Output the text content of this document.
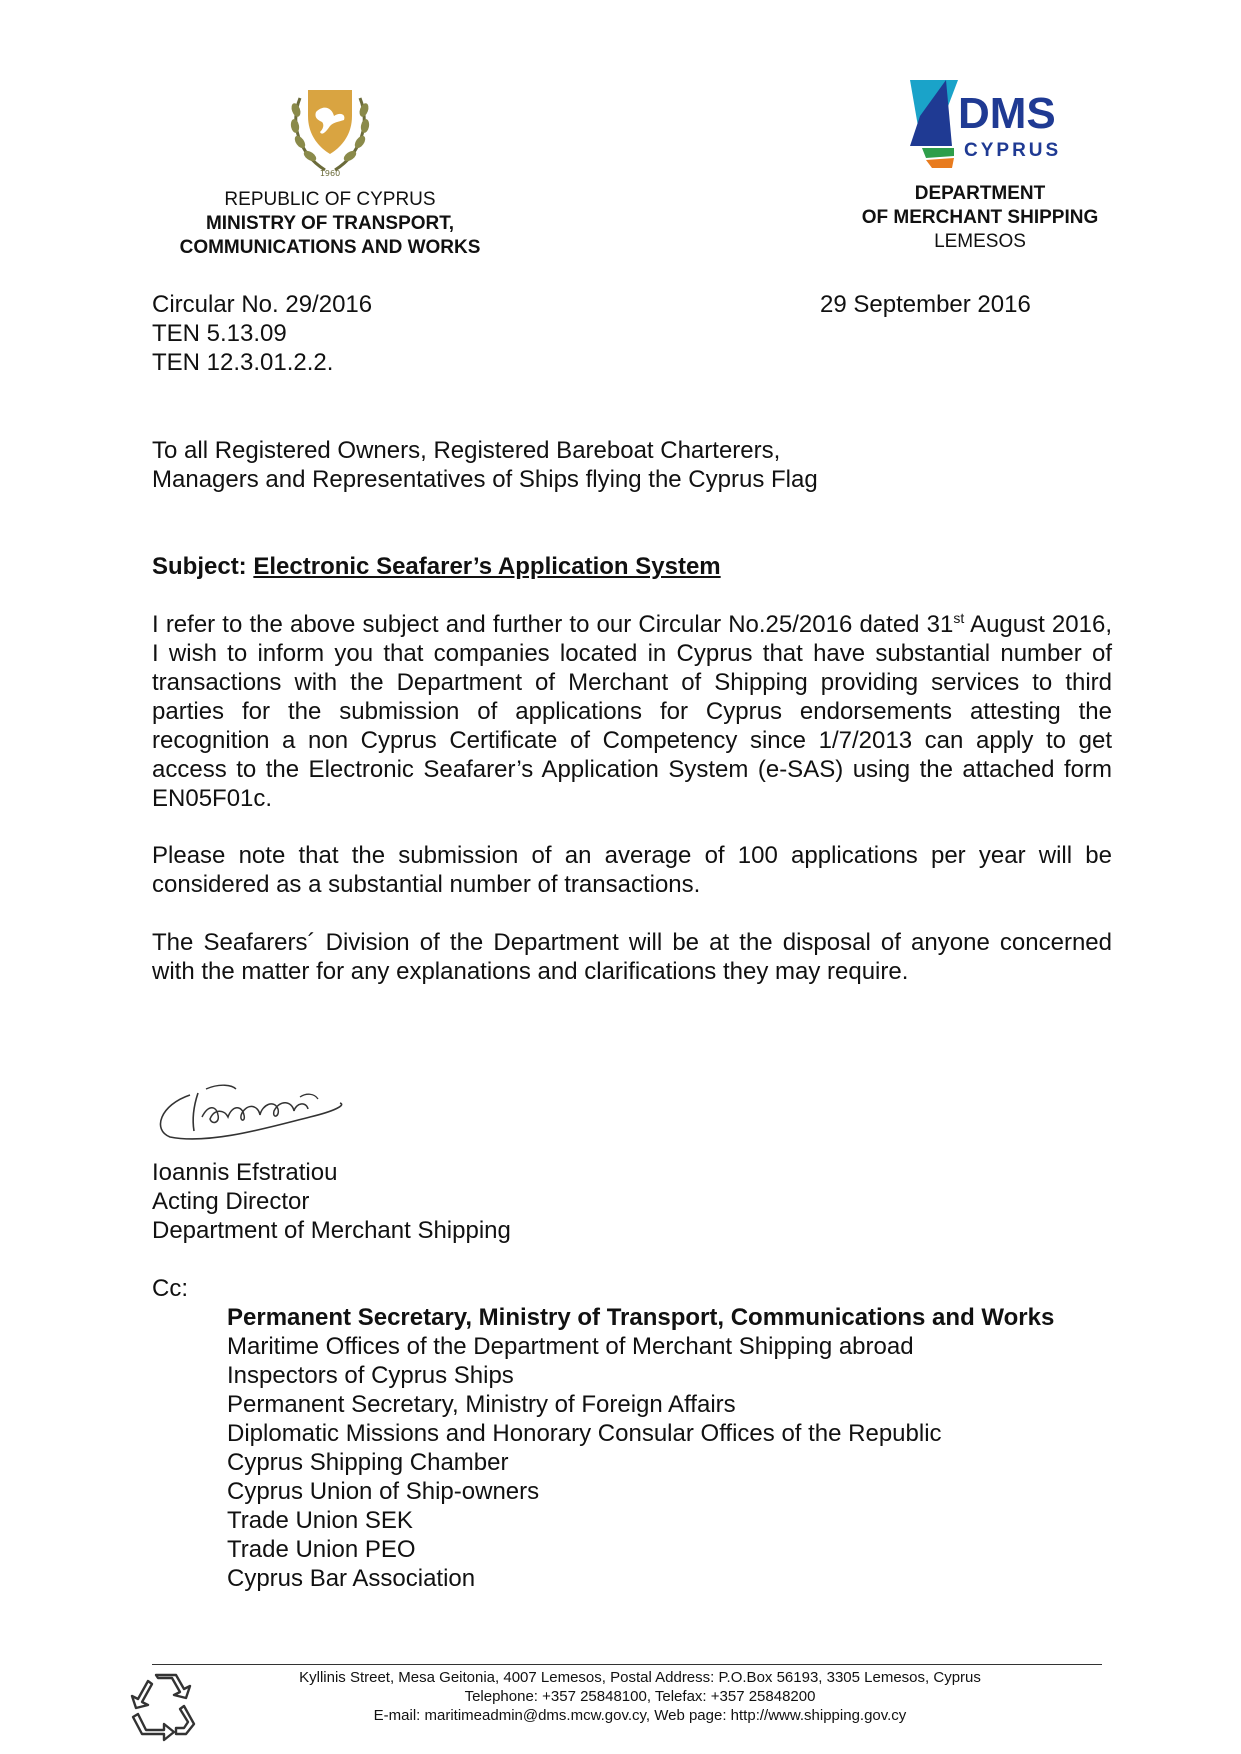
1960
REPUBLIC OF CYPRUS
MINISTRY OF TRANSPORT,
COMMUNICATIONS AND WORKS
DMS
CYPRUS
DEPARTMENT
OF MERCHANT SHIPPING
LEMESOS
Circular No. 29/2016
TEN 5.13.09
TEN 12.3.01.2.2.
29 September 2016
To all Registered Owners, Registered Bareboat Charterers,
Managers and Representatives of Ships flying the Cyprus Flag
Subject: Electronic Seafarer’s Application System
I refer to the above subject and further to our Circular No.25/2016 dated 31st August 2016, I wish to inform you that companies located in Cyprus that have substantial number of transactions with the Department of Merchant of Shipping providing services to third parties for the submission of applications for Cyprus endorsements attesting the recognition a non Cyprus Certificate of Competency since 1/7/2013 can apply to get access to the Electronic Seafarer’s Application System (e-SAS) using the attached form EN05F01c.
Please note that the submission of an average of 100 applications per year will be considered as a substantial number of transactions.
The Seafarers´ Division of the Department will be at the disposal of anyone concerned with the matter for any explanations and clarifications they may require.
Ioannis Efstratiou
Acting Director
Department of Merchant Shipping
Cc:
Permanent Secretary, Ministry of Transport, Communications and Works
Maritime Offices of the Department of Merchant Shipping abroad
Inspectors of Cyprus Ships
Permanent Secretary, Ministry of Foreign Affairs
Diplomatic Missions and Honorary Consular Offices of the Republic
Cyprus Shipping Chamber
Cyprus Union of Ship-owners
Trade Union SEK
Trade Union PEO
Cyprus Bar Association
Kyllinis Street, Mesa Geitonia, 4007 Lemesos, Postal Address: P.O.Box 56193, 3305 Lemesos, Cyprus
Telephone: +357 25848100, Telefax: +357 25848200
E-mail: maritimeadmin@dms.mcw.gov.cy, Web page: http://www.shipping.gov.cy
